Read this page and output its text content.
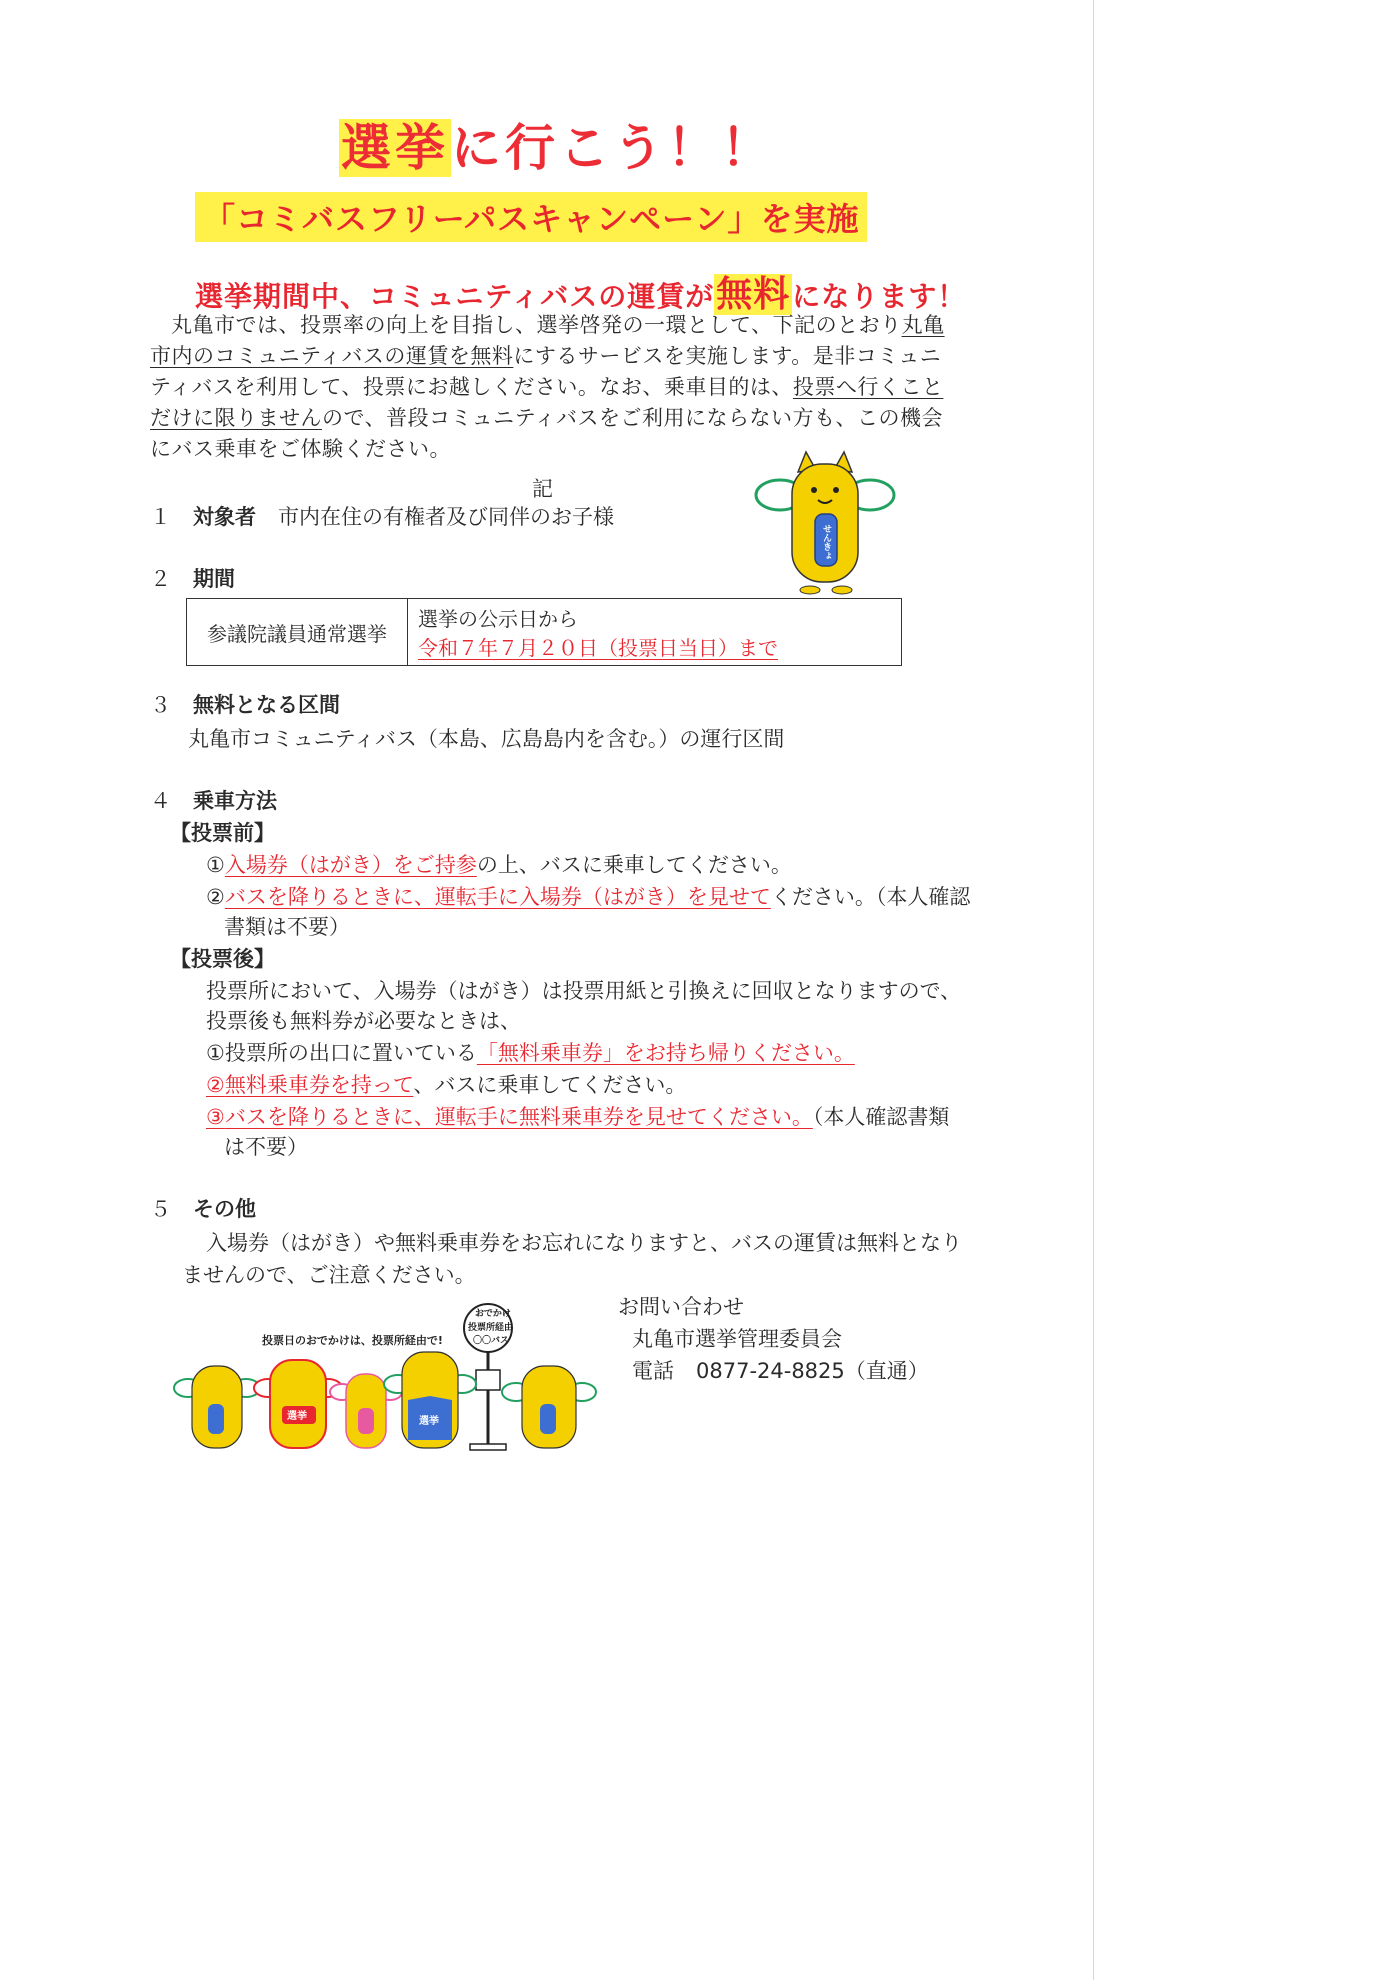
選挙に行こう！！
「コミバスフリーパスキャンペーン」を実施
選挙期間中、コミュニティバスの運賃が無料になります！
丸亀市では、投票率の向上を目指し、選挙啓発の一環として、下記のとおり丸亀市内のコミュニティバスの運賃を無料にするサービスを実施します。是非コミュニティバスを利用して、投票にお越しください。なお、乗車目的は、投票へ行くことだけに限りませんので、普段コミュニティバスをご利用にならない方も、この機会にバス乗車をご体験ください。
記
せんきょ
１ 対象者 市内在住の有権者及び同伴のお子様
２ 期間
参議院議員通常選挙	選挙の公示日から
令和７年７月２０日（投票日当日）まで
３ 無料となる区間
丸亀市コミュニティバス（本島、広島島内を含む。）の運行区間
４ 乗車方法
【投票前】
①入場券（はがき）をご持参の上、バスに乗車してください。
②バスを降りるときに、運転手に入場券（はがき）を見せてください。（本人確認
書類は不要）
【投票後】
投票所において、入場券（はがき）は投票用紙と引換えに回収となりますので、
投票後も無料券が必要なときは、
①投票所の出口に置いている「無料乗車券」をお持ち帰りください。
②無料乗車券を持って、バスに乗車してください。
③バスを降りるときに、運転手に無料乗車券を見せてください。（本人確認書類
は不要）
５ その他
入場券（はがき）や無料乗車券をお忘れになりますと、バスの運賃は無料となり
ませんので、ご注意ください。
お問い合わせ
丸亀市選挙管理委員会
電話 0877-24-8825（直通）
投票日のおでかけは、投票所経由で!
おでかけ
投票所経由
〇〇バス
選挙	選挙
